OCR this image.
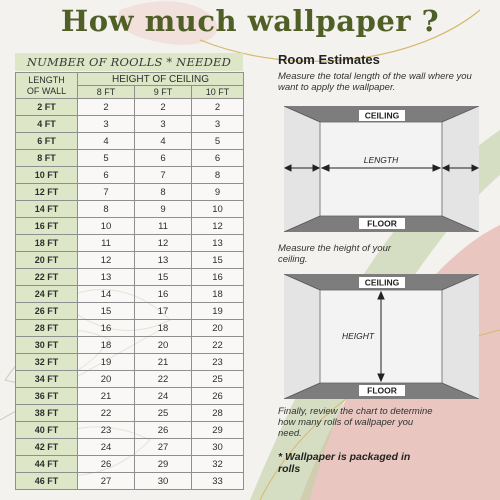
How much wallpaper ?
NUMBER OF ROOLLS * NEEDED
LENGTH
OF WALL	HEIGHT OF CEILING		
	8 FT	9 FT	10 FT
2 FT	2	2	2
4 FT	3	3	3
6 FT	4	4	5
8 FT	5	6	6
10 FT	6	7	8
12 FT	7	8	9
14 FT	8	9	10
16 FT	10	11	12
18 FT	11	12	13
20 FT	12	13	15
22 FT	13	15	16
24 FT	14	16	18
26 FT	15	17	19
28 FT	16	18	20
30 FT	18	20	22
32 FT	19	21	23
34 FT	20	22	25
36 FT	21	24	26
38 FT	22	25	28
40 FT	23	26	29
42 FT	24	27	30
44 FT	26	29	32
46 FT	27	30	33
Room Estimates
Measure the total length of the wall where you want to apply the wallpaper.
CEILING
FLOOR
LENGTH
Measure the height of your ceiling.
CEILING
FLOOR
HEIGHT
Finally, review the chart to determine how many rolls of wallpaper you need.
* Wallpaper is packaged in rolls
